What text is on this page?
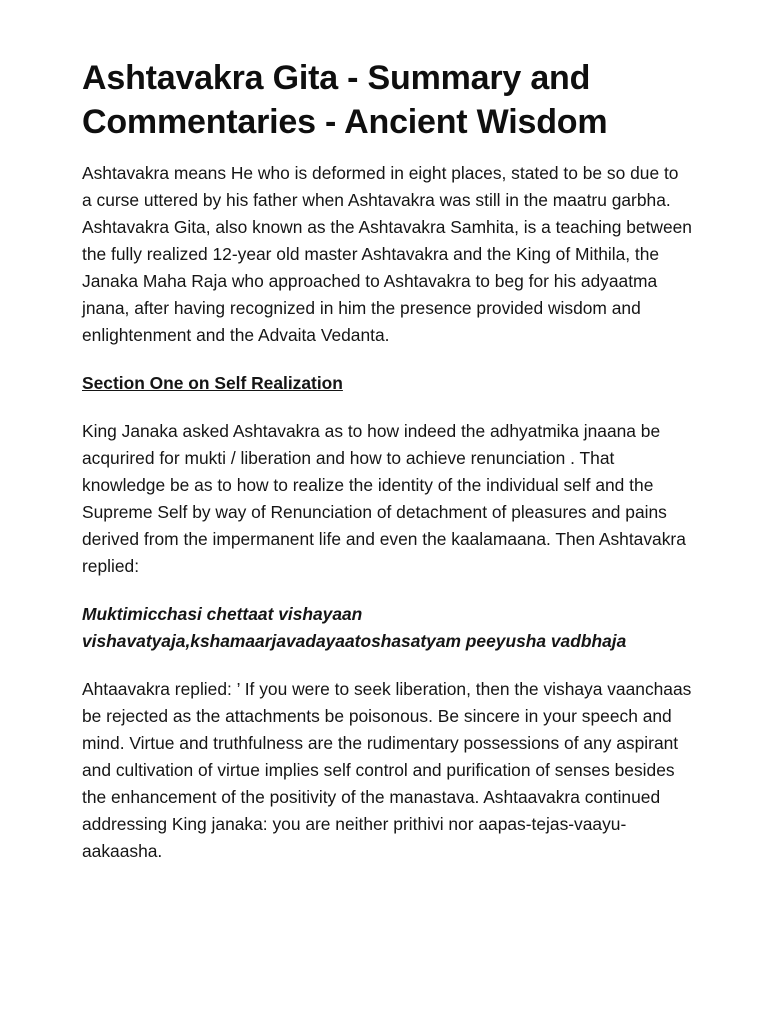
Ashtavakra Gita - Summary and Commentaries - Ancient Wisdom

Ashtavakra means He who is deformed in eight places, stated to be so due to a curse uttered by his father when Ashtavakra was still in the maatru garbha. Ashtavakra Gita, also known as the Ashtavakra Samhita, is a teaching between the fully realized 12-year old master Ashtavakra and the King of Mithila, the Janaka Maha Raja who approached to Ashtavakra to beg for his adyaatma jnana, after having recognized in him the presence provided wisdom and enlightenment and the Advaita Vedanta.

Section One on Self Realization

King Janaka asked Ashtavakra as to how indeed the adhyatmika jnaana be acqurired for mukti / liberation and how to achieve renunciation . That knowledge be as to how to realize the identity of the individual self and the Supreme Self by way of Renunciation of detachment of pleasures and pains derived from the impermanent life and even the kaalamaana. Then Ashtavakra replied:

Muktimicchasi chettaat vishayaan vishavatyaja,kshamaarjavadayaatoshasatyam peeyusha vadbhaja

Ahtaavakra replied: ’ If you were to seek liberation, then the vishaya vaanchaas be rejected as the attachments be poisonous. Be sincere in your speech and mind. Virtue and truthfulness are the rudimentary possessions of any aspirant and cultivation of virtue implies self control and purification of senses besides the enhancement of the positivity of the manastava. Ashtaavakra continued addressing King janaka: you are neither prithivi nor aapas-tejas-vaayu-aakaasha.
